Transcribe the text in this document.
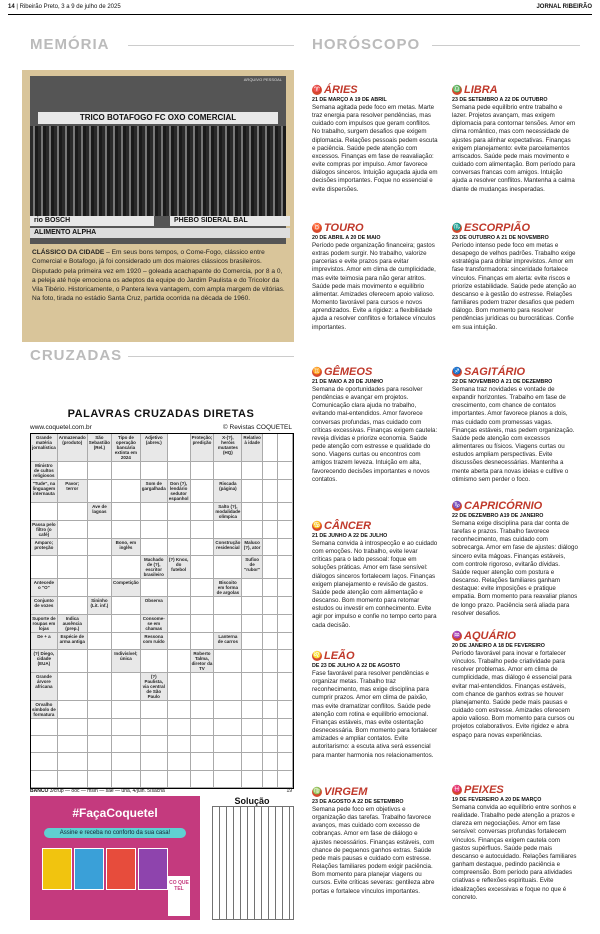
14 | Ribeirão Preto, 3 a 9 de julho de 2025	JORNAL RIBEIRÃO
MEMÓRIA	HORÓSCOPO
ARQUIVO PESSOAL
TRICO BOTAFOGO FC OXO COMERCIAL
rio BOSCH	PHEBO SIDERAL BAL
ALIMENTO ALPHA
CLÁSSICO DA CIDADE – Em seus bons tempos, o Come-Fogo, clássico entre Comercial e Botafogo, já foi considerado um dos maiores clássicos brasileiros. Disputado pela primeira vez em 1920 – goleada acachapante do Comercia, por 8 a 0, a peleja até hoje emociona os adeptos da equipe do Jardim Paulista e do Tricolor da Vila Tibério. Historicamente, o Pantera leva vantagem, com ampla margem de vitórias. Na foto, tirada no estádio Santa Cruz, partida ocorrida na década de 1960.
CRUZADAS
PALAVRAS CRUZADAS DIRETAS
www.coquetel.com.br	© Revistas COQUETEL
Grande matéria jornalística
Armazenado (produto)
São Sebastião (Rel.)
Tipo de operação bancária extinta em 2024
Adjetivo (abrev.)
Proteção; predição
X-(?), heróis mutantes (HQ)
Relativo à idade
Ministro de cultos religiosos
"Tude", na linguagem internauta
Pavor; terror
Som de gargalhada
Don (?), lendário sedutor espanhol
Riscada (página)
Ave de lagoas
Salto (?), modalidade olímpica
Passa pelo filtro (o café)
Amparo; proteção
Bono, em inglês
Construção residencial
Maluco (?), ator
Machado de (?), escritor brasileiro
(?) Knox, do futebol
Sufixo de "rubor"
Antecede o "O"
Competição	Biscoito em forma de argolas
Conjunto de vozes
Sininho (Lit. inf.)
Observa
Suporte de roupas em lojas
Indica ausência (prep.)
Consome-se em chamas
De + a	Espécie de arma antiga
Ressona com ruído
Lanterna de carros
(?) Diego, cidade (EUA)
Indivisível; única
Roberto Talma, diretor da TV
Grande árvore africana
(?) Paulista, via central de São Paulo
Orvalho símbolo de formatura
BANCO 3/crup — ooc — msin — sae — una, 4/juin. 5/sacha	19
#FaçaCoquetel
Assine e receba no conforto da sua casa!
CO QUE TEL
Solução
♈ ÁRIES
21 DE MARÇO A 19 DE ABRIL
Semana agitada pede foco em metas. Marte traz energia para resolver pendências, mas cuidado com impulsos que geram conflitos. No trabalho, surgem desafios que exigem diplomacia. Relações pessoais pedem escuta e paciência. Saúde pede atenção com excessos. Finanças em fase de reavaliação: evite compras por impulso. Amor favorece diálogos sinceros. Intuição aguçada ajuda em decisões importantes. Foque no essencial e evite dispersões.
♉ TOURO
20 DE ABRIL A 20 DE MAIO
Período pede organização financeira; gastos extras podem surgir. No trabalho, valorize parcerias e evite prazos para evitar imprevistos. Amor em clima de cumplicidade, mas evite teimosia para não gerar atritos. Saúde pede mais movimento e equilíbrio alimentar. Amizades oferecem apoio valioso. Momento favorável para cursos e novos aprendizados. Evite a rigidez: a flexibilidade ajuda a resolver conflitos e fortalece vínculos importantes.
♊ GÊMEOS
21 DE MAIO A 20 DE JUNHO
Semana de oportunidades para resolver pendências e avançar em projetos. Comunicação clara ajuda no trabalho, evitando mal-entendidos. Amor favorece conversas profundas, mas cuidado com críticas excessivas. Finanças exigem cautela: reveja dívidas e priorize economia. Saúde pede atenção com estresse e qualidade do sono. Viagens curtas ou encontros com amigos trazem leveza. Intuição em alta, favorecendo decisões importantes e novos contatos.
♋ CÂNCER
21 DE JUNHO A 22 DE JULHO
Semana convida à introspecção e ao cuidado com emoções. No trabalho, evite levar críticas para o lado pessoal: foque em soluções práticas. Amor em fase sensível: diálogos sinceros fortalecem laços. Finanças exigem planejamento e revisão de gastos. Saúde pede atenção com alimentação e descanso. Bom momento para retomar estudos ou investir em conhecimento. Evite agir por impulso e confie no tempo certo para cada decisão.
♌ LEÃO
DE 23 DE JULHO A 22 DE AGOSTO
Fase favorável para resolver pendências e organizar metas. Trabalho traz reconhecimento, mas exige disciplina para cumprir prazos. Amor em clima de paixão, mas evite dramatizar conflitos. Saúde pede atenção com rotina e equilíbrio emocional. Finanças estáveis, mas evite ostentação desnecessária. Bom momento para fortalecer amizades e ampliar contatos. Evite autoritarismo: a escuta ativa será essencial para manter harmonia nos relacionamentos.
♍ VIRGEM
23 DE AGOSTO A 22 DE SETEMBRO
Semana pede foco em objetivos e organização das tarefas. Trabalho favorece avanços, mas cuidado com excesso de cobranças. Amor em fase de diálogo e ajustes necessários. Finanças estáveis, com chance de pequenos ganhos extras. Saúde pede mais pausas e cuidado com estresse. Relações familiares podem exigir paciência. Bom momento para planejar viagens ou cursos. Evite críticas severas: gentileza abre portas e fortalece vínculos importantes.
♎ LIBRA
23 DE SETEMBRO A 22 DE OUTUBRO
Semana pede equilíbrio entre trabalho e lazer. Projetos avançam, mas exigem diplomacia para contornar tensões. Amor em clima romântico, mas com necessidade de ajustes para alinhar expectativas. Finanças exigem planejamento: evite parcelamentos arriscados. Saúde pede mais movimento e cuidado com alimentação. Bom período para conversas francas com amigos. Intuição ajuda a resolver conflitos. Mantenha a calma diante de mudanças inesperadas.
♏ ESCORPIÃO
23 DE OUTUBRO A 21 DE NOVEMBRO
Período intenso pede foco em metas e desapego de velhos padrões. Trabalho exige estratégia para driblar imprevistos. Amor em fase transformadora: sinceridade fortalece vínculos. Finanças em alerta: evite riscos e priorize estabilidade. Saúde pede atenção ao descanso e à gestão do estresse. Relações familiares podem trazer desafios que pedem diálogo. Bom momento para resolver pendências jurídicas ou burocráticas. Confie em sua intuição.
♐ SAGITÁRIO
22 DE NOVEMBRO A 21 DE DEZEMBRO
Semana traz novidades e vontade de expandir horizontes. Trabalho em fase de crescimento, com chance de contatos importantes. Amor favorece planos a dois, mas cuidado com promessas vagas. Finanças estáveis, mas pedem organização. Saúde pede atenção com excessos alimentares ou físicos. Viagens curtas ou estudos ampliam perspectivas. Evite discussões desnecessárias. Mantenha a mente aberta para novas ideias e cultive o otimismo sem perder o foco.
♑ CAPRICÓRNIO
22 DE DEZEMBRO A19 DE JANEIRO
Semana exige disciplina para dar conta de tarefas e prazos. Trabalho favorece reconhecimento, mas cuidado com sobrecarga. Amor em fase de ajustes: diálogo sincero evita mágoas. Finanças estáveis, com controle rigoroso, evitarão dívidas. Saúde requer atenção com postura e descanso. Relações familiares ganham destaque: evite imposições e pratique empatia. Bom momento para reavaliar planos de longo prazo. Paciência será aliada para resolver desafios.
♒ AQUÁRIO
20 DE JANEIRO A 18 DE FEVEREIRO
Período favorável para inovar e fortalecer vínculos. Trabalho pede criatividade para resolver problemas. Amor em clima de cumplicidade, mas diálogo é essencial para evitar mal-entendidos. Finanças estáveis, com chance de ganhos extras se houver planejamento. Saúde pede mais pausas e cuidado com estresse. Amizades oferecem apoio valioso. Bom momento para cursos ou projetos colaborativos. Evite rigidez e abra espaço para novas experiências.
♓ PEIXES
19 DE FEVEREIRO A 20 DE MARÇO
Semana convida ao equilíbrio entre sonhos e realidade. Trabalho pede atenção a prazos e clareza em negociações. Amor em fase sensível: conversas profundas fortalecem vínculos. Finanças exigem cautela com gastos supérfluos. Saúde pede mais descanso e autocuidado. Relações familiares ganham destaque, pedindo paciência e compreensão. Bom período para atividades criativas e reflexões espirituais. Evite idealizações excessivas e foque no que é concreto.
